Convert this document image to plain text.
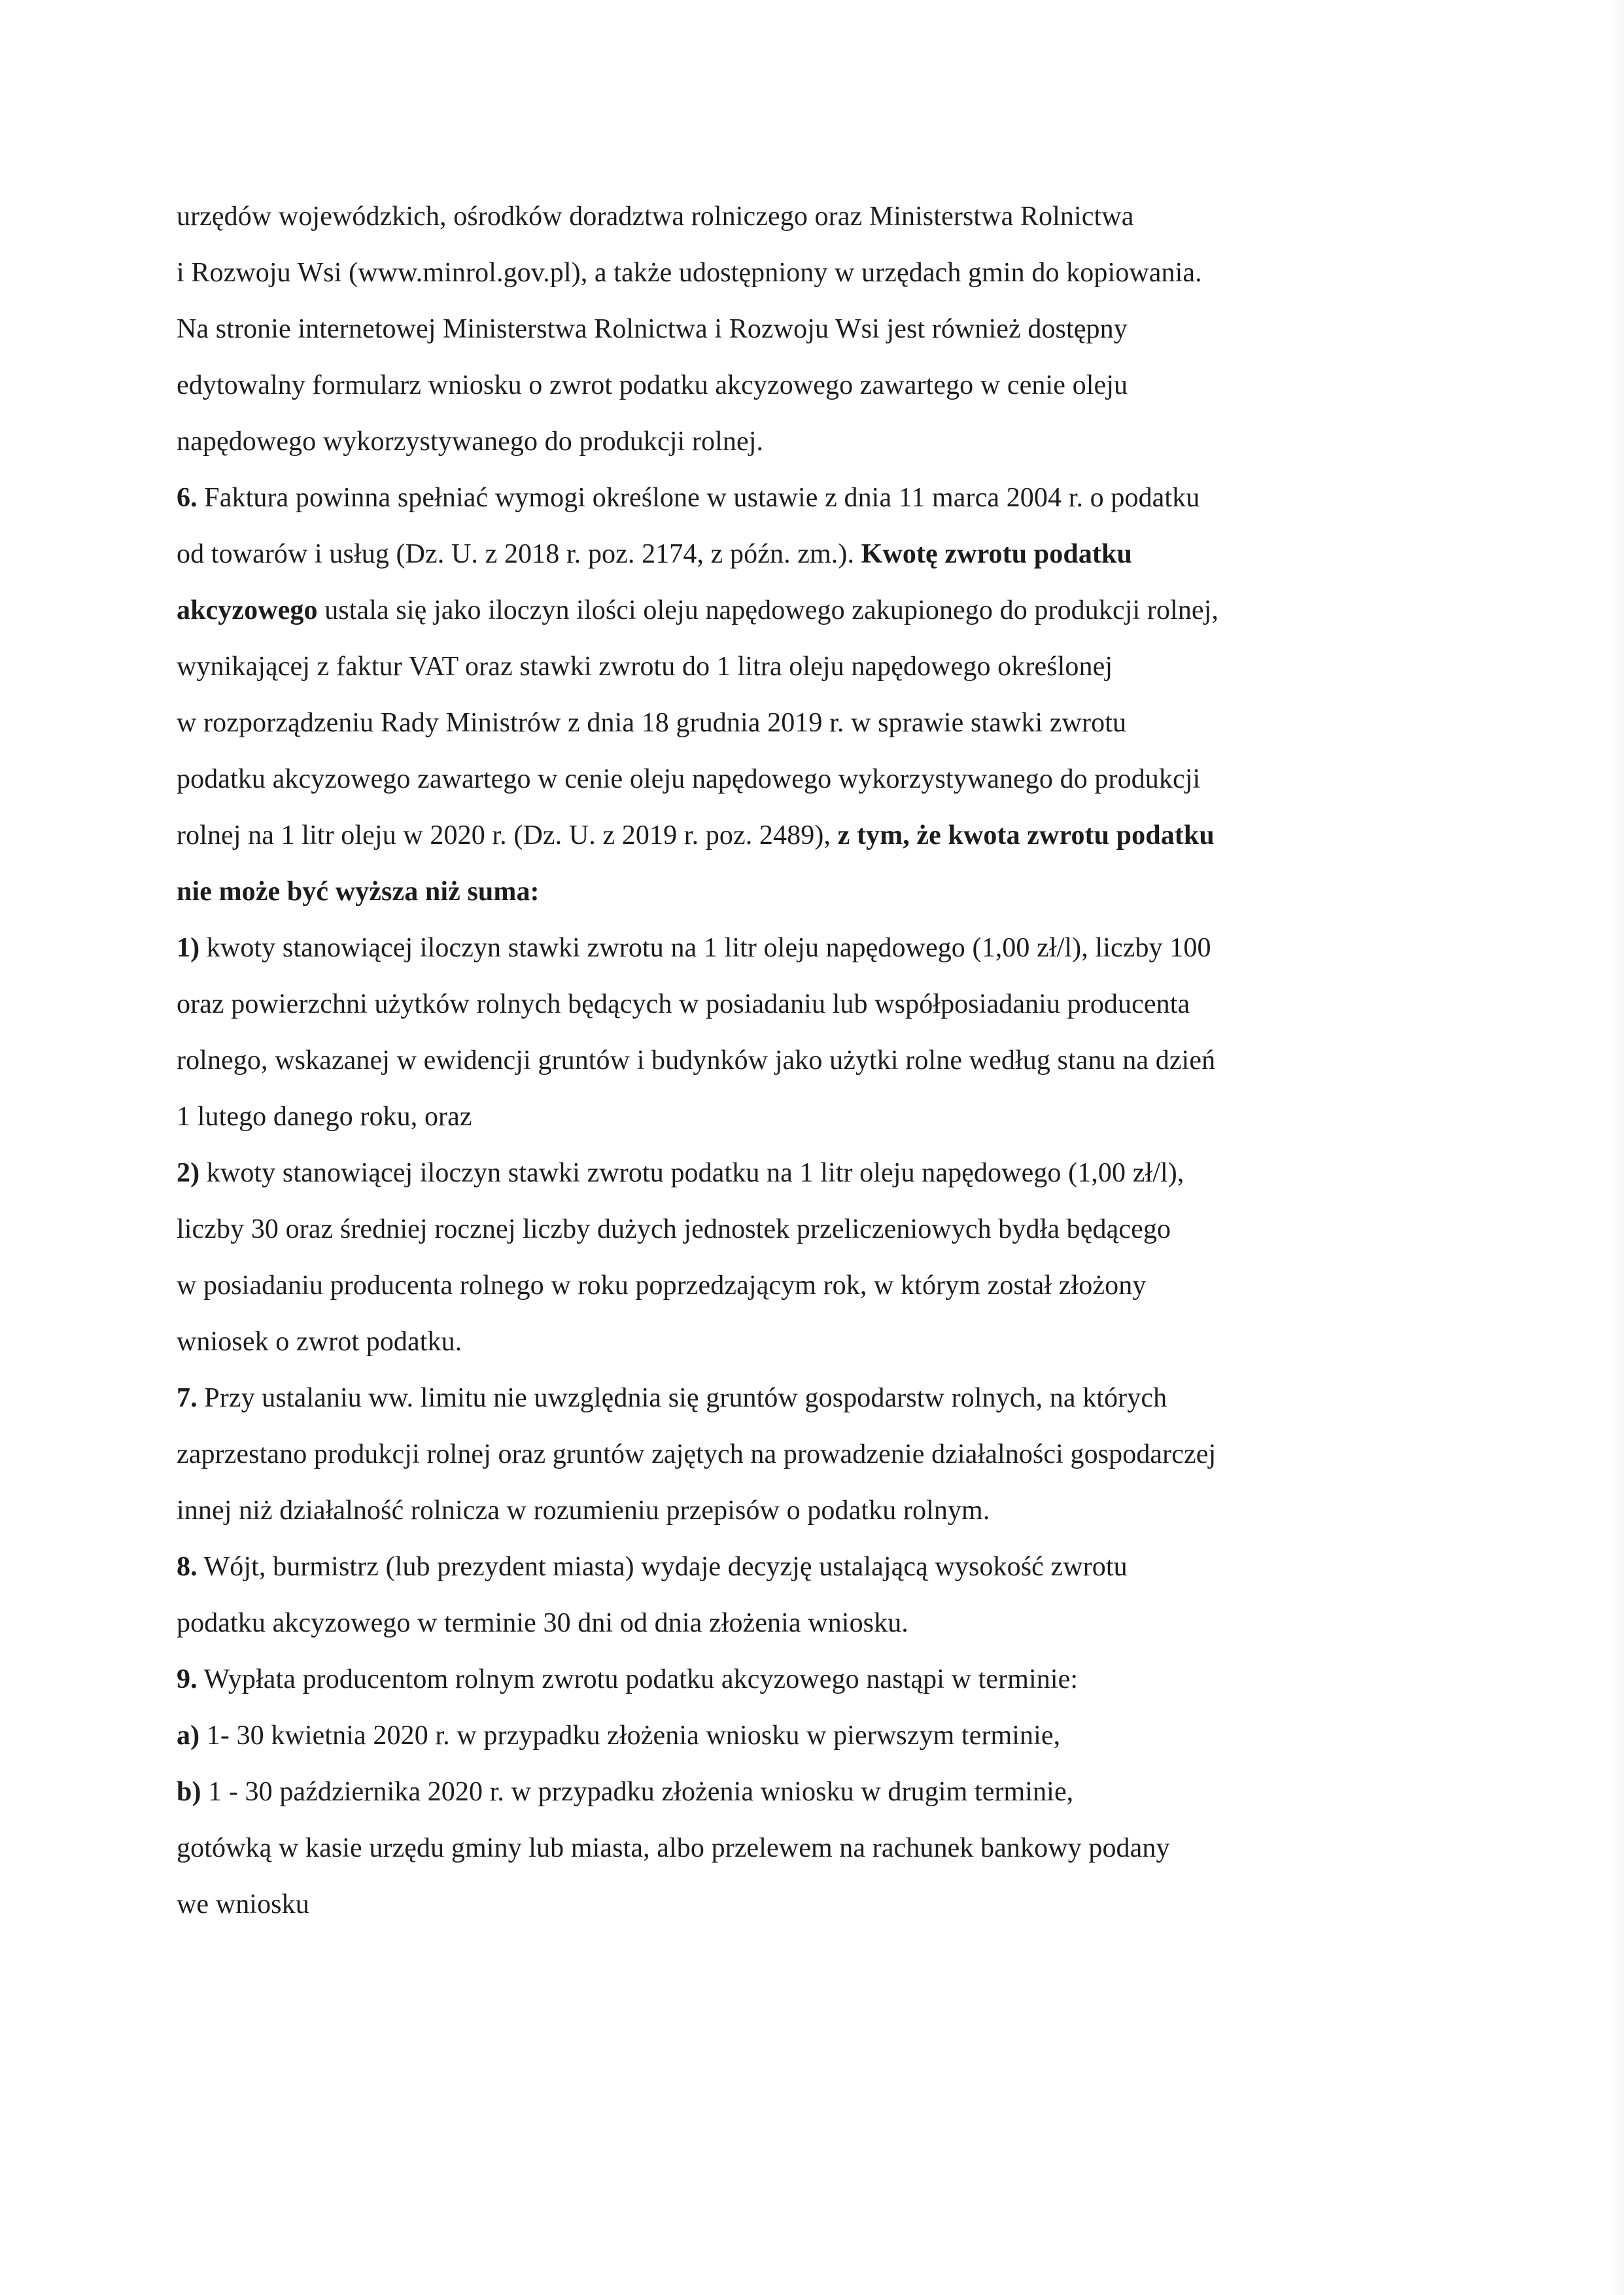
urzędów wojewódzkich, ośrodków doradztwa rolniczego oraz Ministerstwa Rolnictwa
i Rozwoju Wsi (www.minrol.gov.pl), a także udostępniony w urzędach gmin do kopiowania.
Na stronie internetowej Ministerstwa Rolnictwa i Rozwoju Wsi jest również dostępny
edytowalny formularz wniosku o zwrot podatku akcyzowego zawartego w cenie oleju
napędowego wykorzystywanego do produkcji rolnej.
6. Faktura powinna spełniać wymogi określone w ustawie z dnia 11 marca 2004 r. o podatku
od towarów i usług (Dz. U. z 2018 r. poz. 2174, z późn. zm.). Kwotę zwrotu podatku
akcyzowego ustala się jako iloczyn ilości oleju napędowego zakupionego do produkcji rolnej,
wynikającej z faktur VAT oraz stawki zwrotu do 1 litra oleju napędowego określonej
w rozporządzeniu Rady Ministrów z dnia 18 grudnia 2019 r. w sprawie stawki zwrotu
podatku akcyzowego zawartego w cenie oleju napędowego wykorzystywanego do produkcji
rolnej na 1 litr oleju w 2020 r. (Dz. U. z 2019 r. poz. 2489), z tym, że kwota zwrotu podatku
nie może być wyższa niż suma:
1) kwoty stanowiącej iloczyn stawki zwrotu na 1 litr oleju napędowego (1,00 zł/l), liczby 100
oraz powierzchni użytków rolnych będących w posiadaniu lub współposiadaniu producenta
rolnego, wskazanej w ewidencji gruntów i budynków jako użytki rolne według stanu na dzień
1 lutego danego roku, oraz
2) kwoty stanowiącej iloczyn stawki zwrotu podatku na 1 litr oleju napędowego (1,00 zł/l),
liczby 30 oraz średniej rocznej liczby dużych jednostek przeliczeniowych bydła będącego
w posiadaniu producenta rolnego w roku poprzedzającym rok, w którym został złożony
wniosek o zwrot podatku.
7. Przy ustalaniu ww. limitu nie uwzględnia się gruntów gospodarstw rolnych, na których
zaprzestano produkcji rolnej oraz gruntów zajętych na prowadzenie działalności gospodarczej
innej niż działalność rolnicza w rozumieniu przepisów o podatku rolnym.
8. Wójt, burmistrz (lub prezydent miasta) wydaje decyzję ustalającą wysokość zwrotu
podatku akcyzowego w terminie 30 dni od dnia złożenia wniosku.
9. Wypłata producentom rolnym zwrotu podatku akcyzowego nastąpi w terminie:
a) 1- 30 kwietnia 2020 r. w przypadku złożenia wniosku w pierwszym terminie,
b) 1 - 30 października 2020 r. w przypadku złożenia wniosku w drugim terminie,
gotówką w kasie urzędu gminy lub miasta, albo przelewem na rachunek bankowy podany
we wniosku
